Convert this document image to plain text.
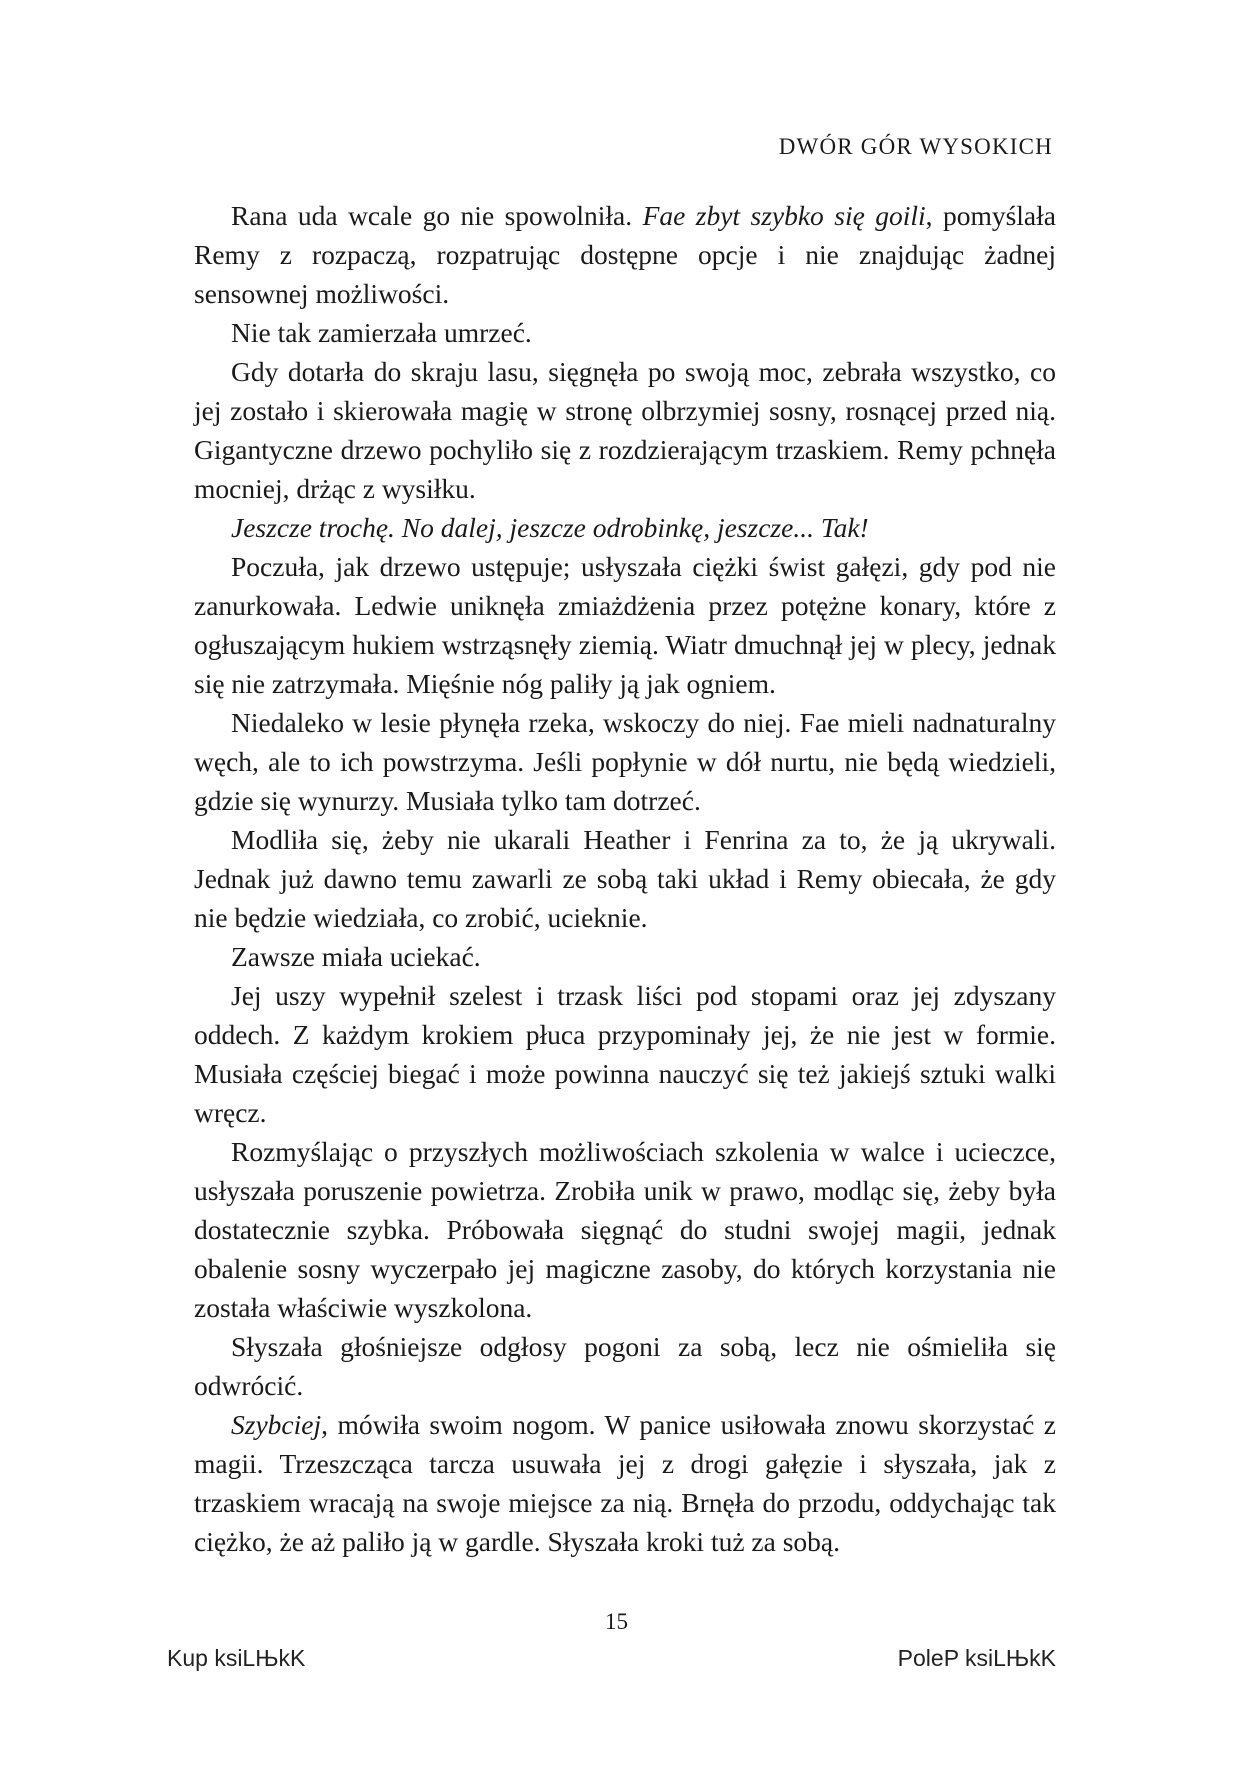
DWÓR GÓR WYSOKICH

Rana uda wcale go nie spowolniła. Fae zbyt szybko się goili, pomyślała Remy z rozpaczą, rozpatrując dostępne opcje i nie znajdując żadnej sensownej możliwości.

Nie tak zamierzała umrzeć.

Gdy dotarła do skraju lasu, sięgnęła po swoją moc, zebrała wszystko, co jej zostało i skierowała magię w stronę olbrzymiej sosny, rosnącej przed nią. Gigantyczne drzewo pochyliło się z rozdzierającym trzaskiem. Remy pchnęła mocniej, drżąc z wysiłku.

Jeszcze trochę. No dalej, jeszcze odrobinkę, jeszcze... Tak!

Poczuła, jak drzewo ustępuje; usłyszała ciężki świst gałęzi, gdy pod nie zanurkowała. Ledwie uniknęła zmiażdżenia przez potężne konary, które z ogłuszającym hukiem wstrząsnęły ziemią. Wiatr dmuchnął jej w plecy, jednak się nie zatrzymała. Mięśnie nóg paliły ją jak ogniem.

Niedaleko w lesie płynęła rzeka, wskoczy do niej. Fae mieli nadnaturalny węch, ale to ich powstrzyma. Jeśli popłynie w dół nurtu, nie będą wiedzieli, gdzie się wynurzy. Musiała tylko tam dotrzeć.

Modliła się, żeby nie ukarali Heather i Fenrina za to, że ją ukrywali. Jednak już dawno temu zawarli ze sobą taki układ i Remy obiecała, że gdy nie będzie wiedziała, co zrobić, ucieknie.

Zawsze miała uciekać.

Jej uszy wypełnił szelest i trzask liści pod stopami oraz jej zdyszany oddech. Z każdym krokiem płuca przypominały jej, że nie jest w formie. Musiała częściej biegać i może powinna nauczyć się też jakiejś sztuki walki wręcz.

Rozmyślając o przyszłych możliwościach szkolenia w walce i ucieczce, usłyszała poruszenie powietrza. Zrobiła unik w prawo, modląc się, żeby była dostatecznie szybka. Próbowała sięgnąć do studni swojej magii, jednak obalenie sosny wyczerpało jej magiczne zasoby, do których korzystania nie została właściwie wyszkolona.

Słyszała głośniejsze odgłosy pogoni za sobą, lecz nie ośmieliła się odwrócić.

Szybciej, mówiła swoim nogom. W panice usiłowała znowu skorzystać z magii. Trzeszcząca tarcza usuwała jej z drogi gałęzie i słyszała, jak z trzaskiem wracają na swoje miejsce za nią. Brnęła do przodu, oddychając tak ciężko, że aż paliło ją w gardle. Słyszała kroki tuż za sobą.

15
Kup ksiLЊkK	PoleP ksiLЊkK
